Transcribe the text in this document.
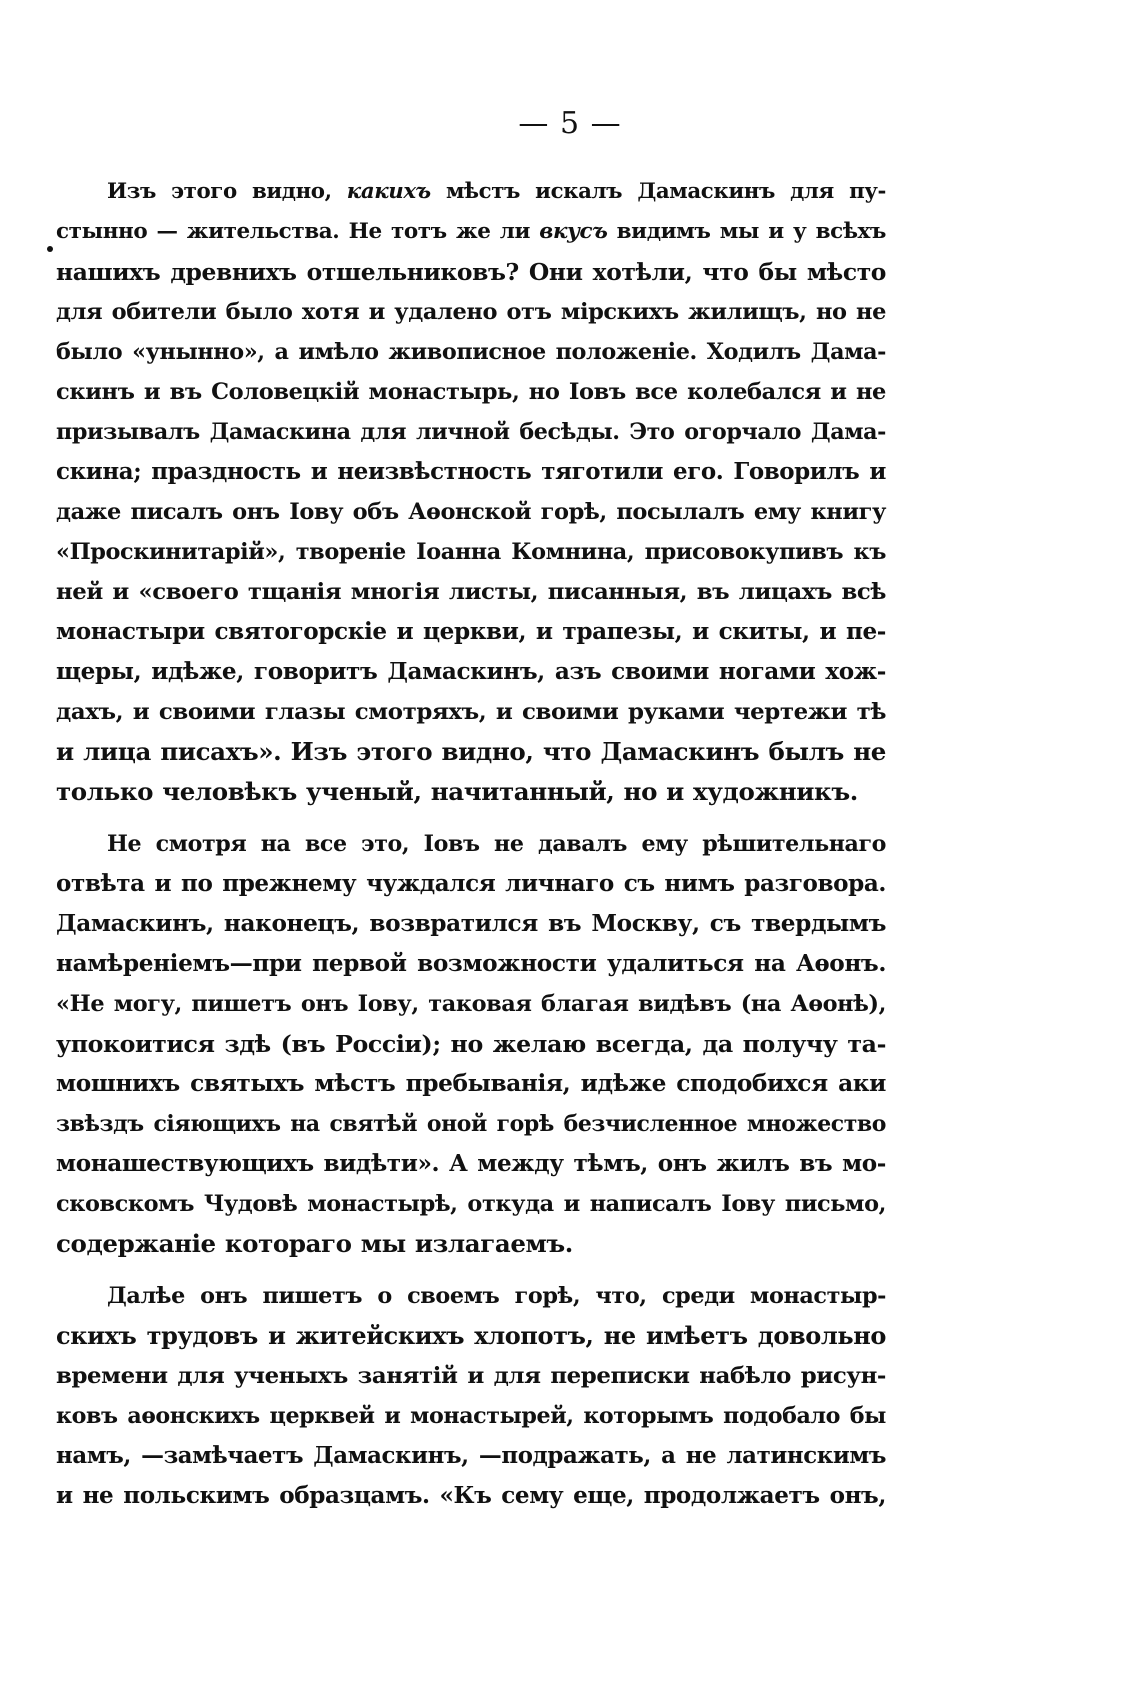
— 5 —
Изъ этого видно, какихъ мѣстъ искалъ Дамаскинъ для пу-
стынно — жительства. Не тотъ же ли вкусъ видимъ мы и у всѣхъ
нашихъ древнихъ отшельниковъ? Они хотѣли, что бы мѣсто
для обители было хотя и удалено отъ мірскихъ жилищъ, но не
было «унынно», а имѣло живописное положеніе. Ходилъ Дама-
скинъ и въ Соловецкій монастырь, но Іовъ все колебался и не
призывалъ Дамаскина для личной бесѣды. Это огорчало Дама-
скина; праздность и неизвѣстность тяготили его. Говорилъ и
даже писалъ онъ Іову объ Аѳонской горѣ, посылалъ ему книгу
«Проскинитарій», твореніе Іоанна Комнина, присовокупивъ къ
ней и «своего тщанія многія листы, писанныя, въ лицахъ всѣ
монастыри святогорскіе и церкви, и трапезы, и скиты, и пе-
щеры, идѣже, говоритъ Дамаскинъ, азъ своими ногами хож-
дахъ, и своими глазы смотряхъ, и своими руками чертежи тѣ
и лица писахъ». Изъ этого видно, что Дамаскинъ былъ не
только человѣкъ ученый, начитанный, но и художникъ.
Не смотря на все это, Іовъ не давалъ ему рѣшительнаго
отвѣта и по прежнему чуждался личнаго съ нимъ разговора.
Дамаскинъ, наконецъ, возвратился въ Москву, съ твердымъ
намѣреніемъ—при первой возможности удалиться на Аѳонъ.
«Не могу, пишетъ онъ Іову, таковая благая видѣвъ (на Аѳонѣ),
упокоитися здѣ (въ Россіи); но желаю всегда, да получу та-
мошнихъ святыхъ мѣстъ пребыванія, идѣже сподобихся аки
звѣздъ сіяющихъ на святѣй оной горѣ безчисленное множество
монашествующихъ видѣти». А между тѣмъ, онъ жилъ въ мо-
сковскомъ Чудовѣ монастырѣ, откуда и написалъ Іову письмо,
содержаніе котораго мы излагаемъ.
Далѣе онъ пишетъ о своемъ горѣ, что, среди монастыр-
скихъ трудовъ и житейскихъ хлопотъ, не имѣетъ довольно
времени для ученыхъ занятій и для переписки набѣло рисун-
ковъ аѳонскихъ церквей и монастырей, которымъ подобало бы
намъ, —замѣчаетъ Дамаскинъ, —подражать, а не латинскимъ
и не польскимъ образцамъ. «Къ сему еще, продолжаетъ онъ,
